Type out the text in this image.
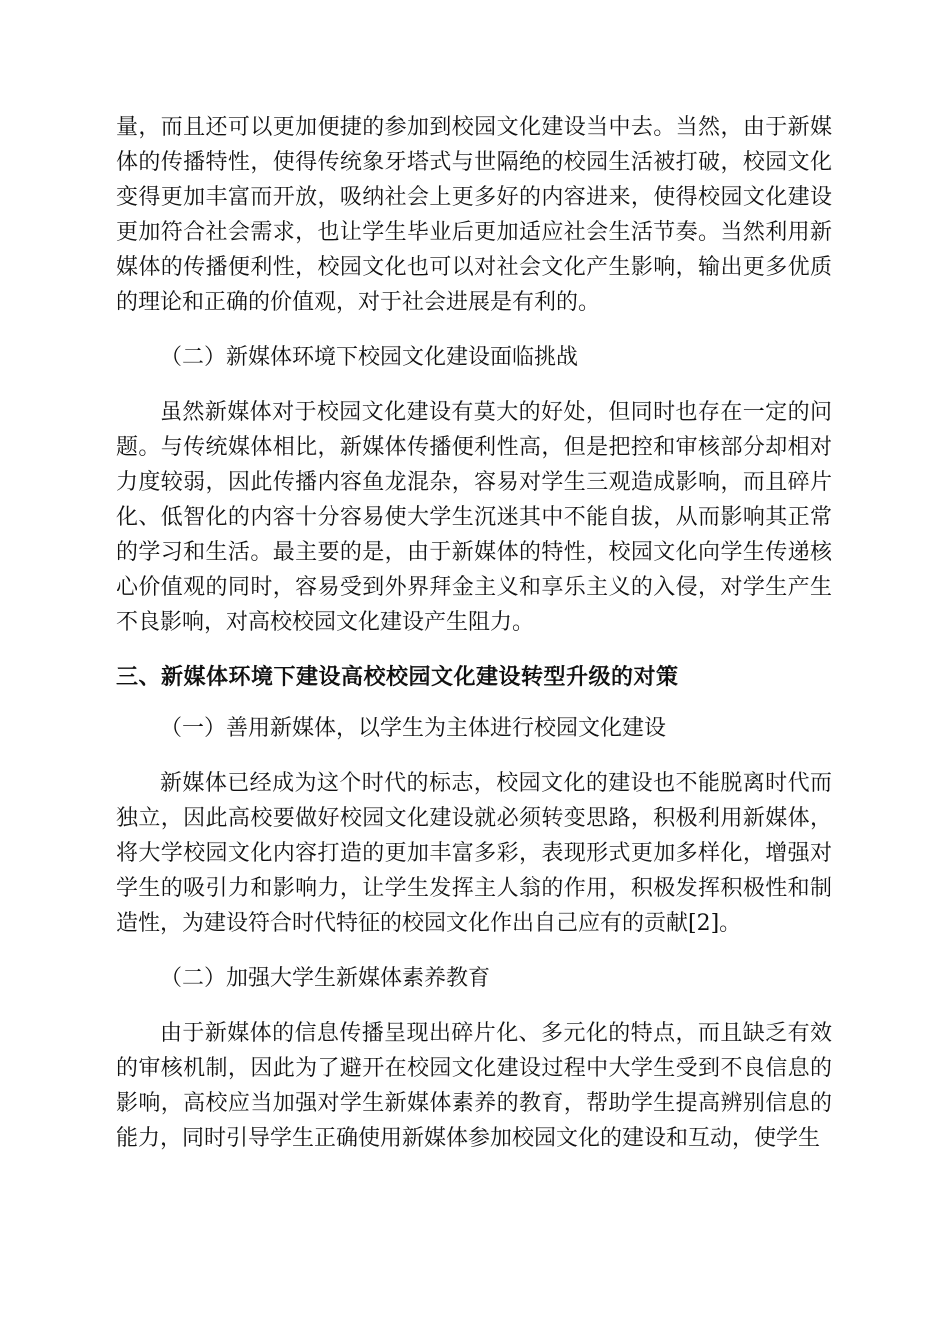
量，而且还可以更加便捷的参加到校园文化建设当中去。当然，由于新媒体的传播特性，使得传统象牙塔式与世隔绝的校园生活被打破，校园文化变得更加丰富而开放，吸纳社会上更多好的内容进来，使得校园文化建设更加符合社会需求，也让学生毕业后更加适应社会生活节奏。当然利用新媒体的传播便利性，校园文化也可以对社会文化产生影响，输出更多优质的理论和正确的价值观，对于社会进展是有利的。

（二）新媒体环境下校园文化建设面临挑战

虽然新媒体对于校园文化建设有莫大的好处，但同时也存在一定的问题。与传统媒体相比，新媒体传播便利性高，但是把控和审核部分却相对力度较弱，因此传播内容鱼龙混杂，容易对学生三观造成影响，而且碎片化、低智化的内容十分容易使大学生沉迷其中不能自拔，从而影响其正常的学习和生活。最主要的是，由于新媒体的特性，校园文化向学生传递核心价值观的同时，容易受到外界拜金主义和享乐主义的入侵，对学生产生不良影响，对高校校园文化建设产生阻力。

三、新媒体环境下建设高校校园文化建设转型升级的对策

（一）善用新媒体，以学生为主体进行校园文化建设

新媒体已经成为这个时代的标志，校园文化的建设也不能脱离时代而独立，因此高校要做好校园文化建设就必须转变思路，积极利用新媒体，将大学校园文化内容打造的更加丰富多彩，表现形式更加多样化，增强对学生的吸引力和影响力，让学生发挥主人翁的作用，积极发挥积极性和制造性，为建设符合时代特征的校园文化作出自己应有的贡献[2]。

（二）加强大学生新媒体素养教育

由于新媒体的信息传播呈现出碎片化、多元化的特点，而且缺乏有效的审核机制，因此为了避开在校园文化建设过程中大学生受到不良信息的影响，高校应当加强对学生新媒体素养的教育，帮助学生提高辨别信息的能力，同时引导学生正确使用新媒体参加校园文化的建设和互动，使学生
